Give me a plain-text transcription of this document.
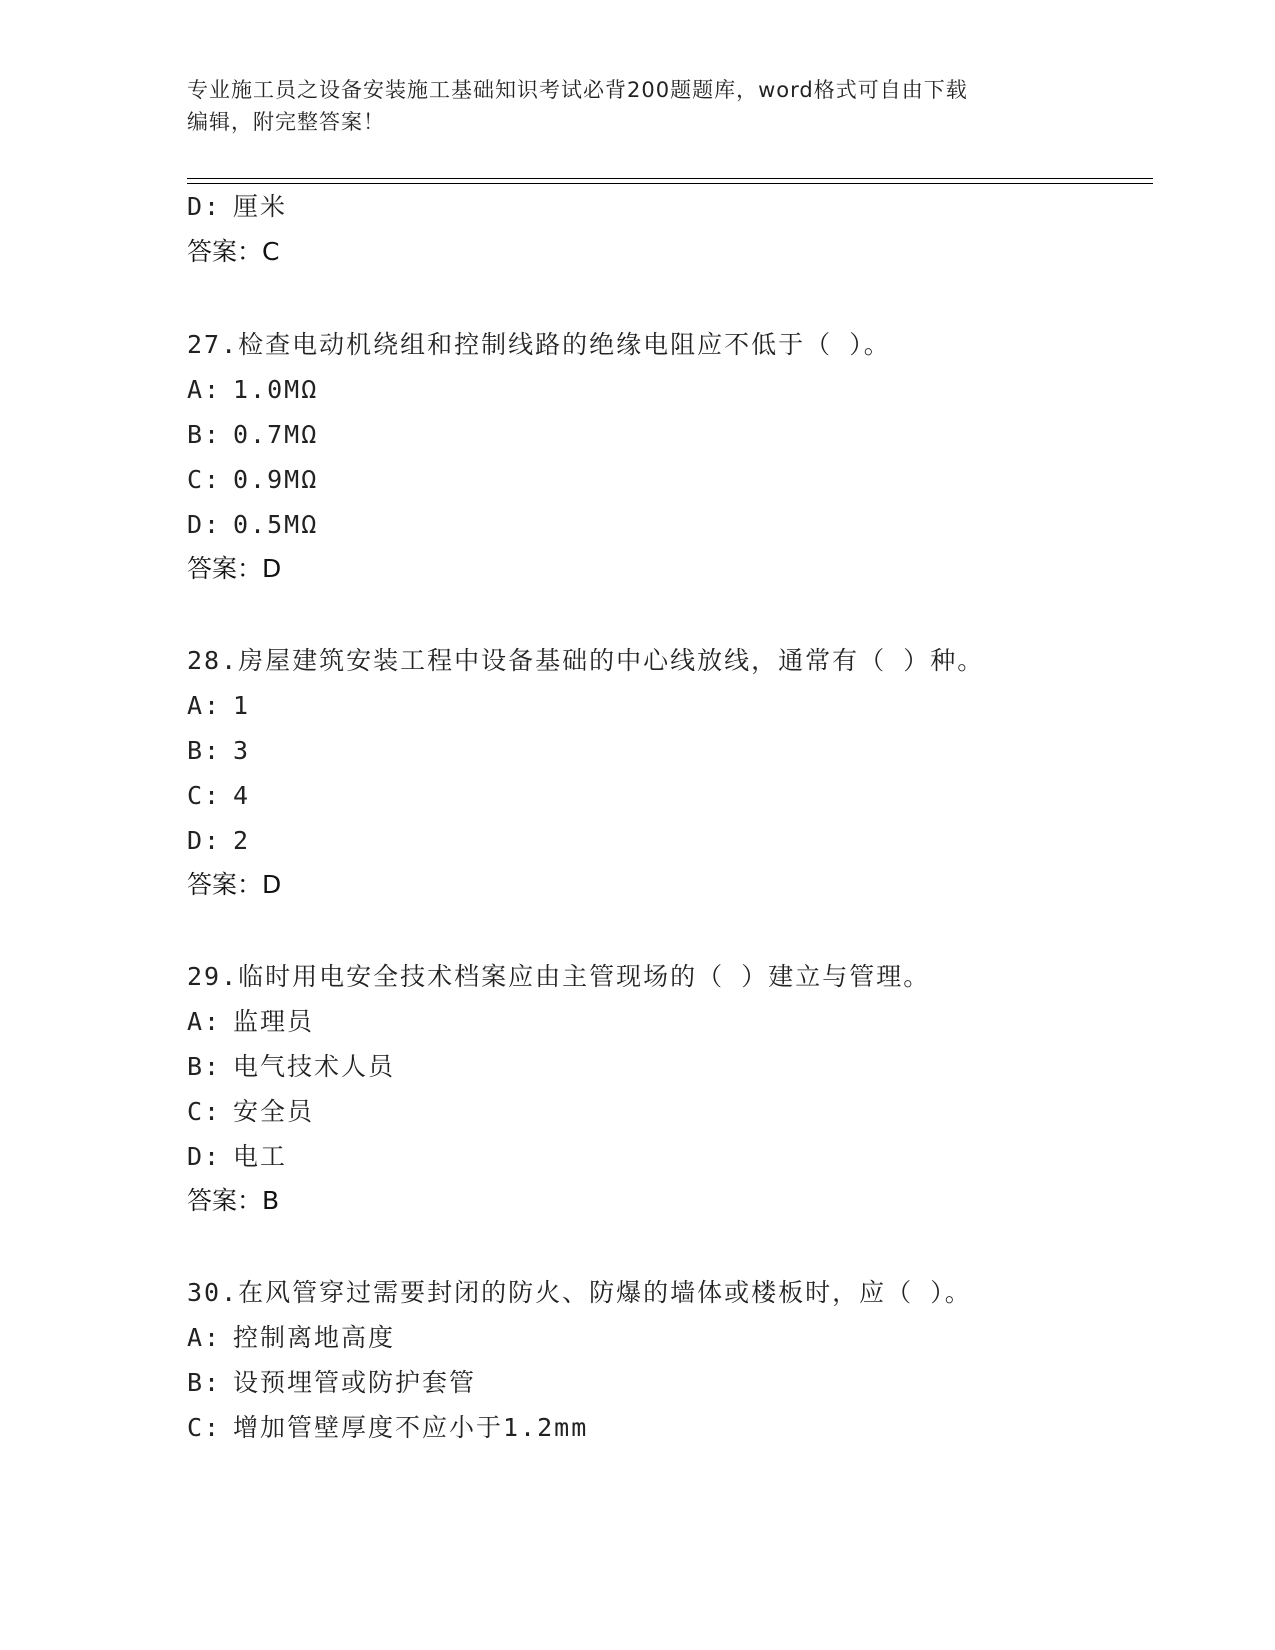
专业施工员之设备安装施工基础知识考试必背200题题库，word格式可自由下载
编辑，附完整答案！
D: 厘米
答案：C
27.检查电动机绕组和控制线路的绝缘电阻应不低于（ ）。
A: 1.0MΩ
B: 0.7MΩ
C: 0.9MΩ
D: 0.5MΩ
答案：D
28.房屋建筑安装工程中设备基础的中心线放线，通常有（ ）种。
A: 1
B: 3
C: 4
D: 2
答案：D
29.临时用电安全技术档案应由主管现场的（ ）建立与管理。
A: 监理员
B: 电气技术人员
C: 安全员
D: 电工
答案：B
30.在风管穿过需要封闭的防火、防爆的墙体或楼板时，应（ ）。
A: 控制离地高度
B: 设预埋管或防护套管
C: 增加管壁厚度不应小于1.2mm
